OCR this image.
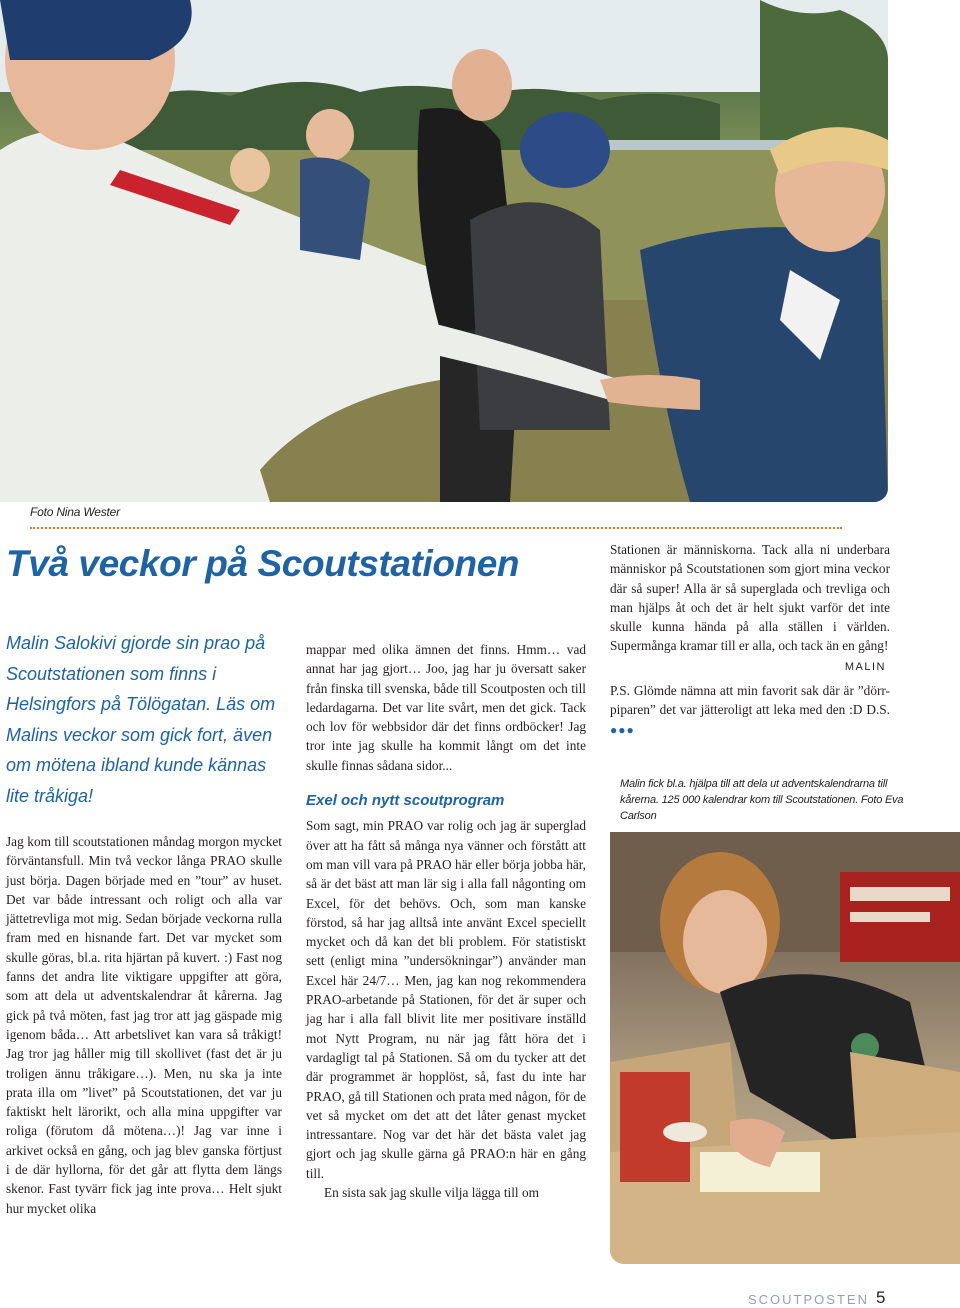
Foto Nina Wester
Två veckor på Scoutstationen

Malin Salokivi gjorde sin prao på Scoutstationen som finns i Helsingfors på Tölögatan. Läs om Malins veckor som gick fort, även om mötena ibland kunde kännas lite tråkiga!

Jag kom till scoutstationen måndag morgon mycket förväntansfull. Min två veckor långa PRAO skulle just börja. Dagen började med en ”tour” av huset. Det var både intressant och roligt och alla var jättetrevliga mot mig. Sedan började veckorna rulla fram med en hisnande fart. Det var mycket som skulle göras, bl.a. rita hjärtan på kuvert. :) Fast nog fanns det andra lite viktigare uppgifter att göra, som att dela ut adventskalendrar åt kårerna. Jag gick på två möten, fast jag tror att jag gäspade mig igenom båda… Att arbetslivet kan vara så tråkigt! Jag tror jag håller mig till skollivet (fast det är ju troligen ännu tråkigare…). Men, nu ska ja inte prata illa om ”livet” på Scoutstationen, det var ju faktiskt helt lärorikt, och alla mina uppgifter var roliga (förutom då mötena…)! Jag var inne i arkivet också en gång, och jag blev ganska förtjust i de där hyllorna, för det går att flytta dem längs skenor. Fast tyvärr fick jag inte prova… Helt sjukt hur mycket olika

mappar med olika ämnen det finns. Hmm… vad annat har jag gjort… Joo, jag har ju översatt saker från finska till svenska, både till Scoutposten och till ledardagarna. Det var lite svårt, men det gick. Tack och lov för webbsidor där det finns ordböcker! Jag tror inte jag skulle ha kommit långt om det inte skulle finnas sådana sidor...

Exel och nytt scoutprogram

Som sagt, min PRAO var rolig och jag är superglad över att ha fått så många nya vänner och förstått att om man vill vara på PRAO här eller börja jobba här, så är det bäst att man lär sig i alla fall någonting om Excel, för det behövs. Och, som man kanske förstod, så har jag alltså inte använt Excel speciellt mycket och då kan det bli problem. För statistiskt sett (enligt mina ”undersökningar”) använder man Excel här 24/7… Men, jag kan nog rekommendera PRAO-arbetande på Stationen, för det är super och jag har i alla fall blivit lite mer positivare inställd mot Nytt Program, nu när jag fått höra det i vardagligt tal på Stationen. Så om du tycker att det där programmet är hopplöst, så, fast du inte har PRAO, gå till Stationen och prata med någon, för de vet så mycket om det att det låter genast mycket intressantare. Nog var det här det bästa valet jag gjort och jag skulle gärna gå PRAO:n här en gång till.

En sista sak jag skulle vilja lägga till om

Stationen är människorna. Tack alla ni underbara människor på Scoutstationen som gjort mina veckor där så super! Alla är så superglada och trevliga och man hjälps åt och det är helt sjukt varför det inte skulle kunna hända på alla ställen i världen. Supermånga kramar till er alla, och tack än en gång!

MALIN

P.S. Glömde nämna att min favorit sak där är ”dörr-piparen” det var jätteroligt att leka med den :D D.S. ●●●

Malin fick bl.a. hjälpa till att dela ut adventskalendrarna till kårerna. 125 000 kalendrar kom till Scoutstationen. Foto Eva Carlson
SCOUTPOSTEN 5
